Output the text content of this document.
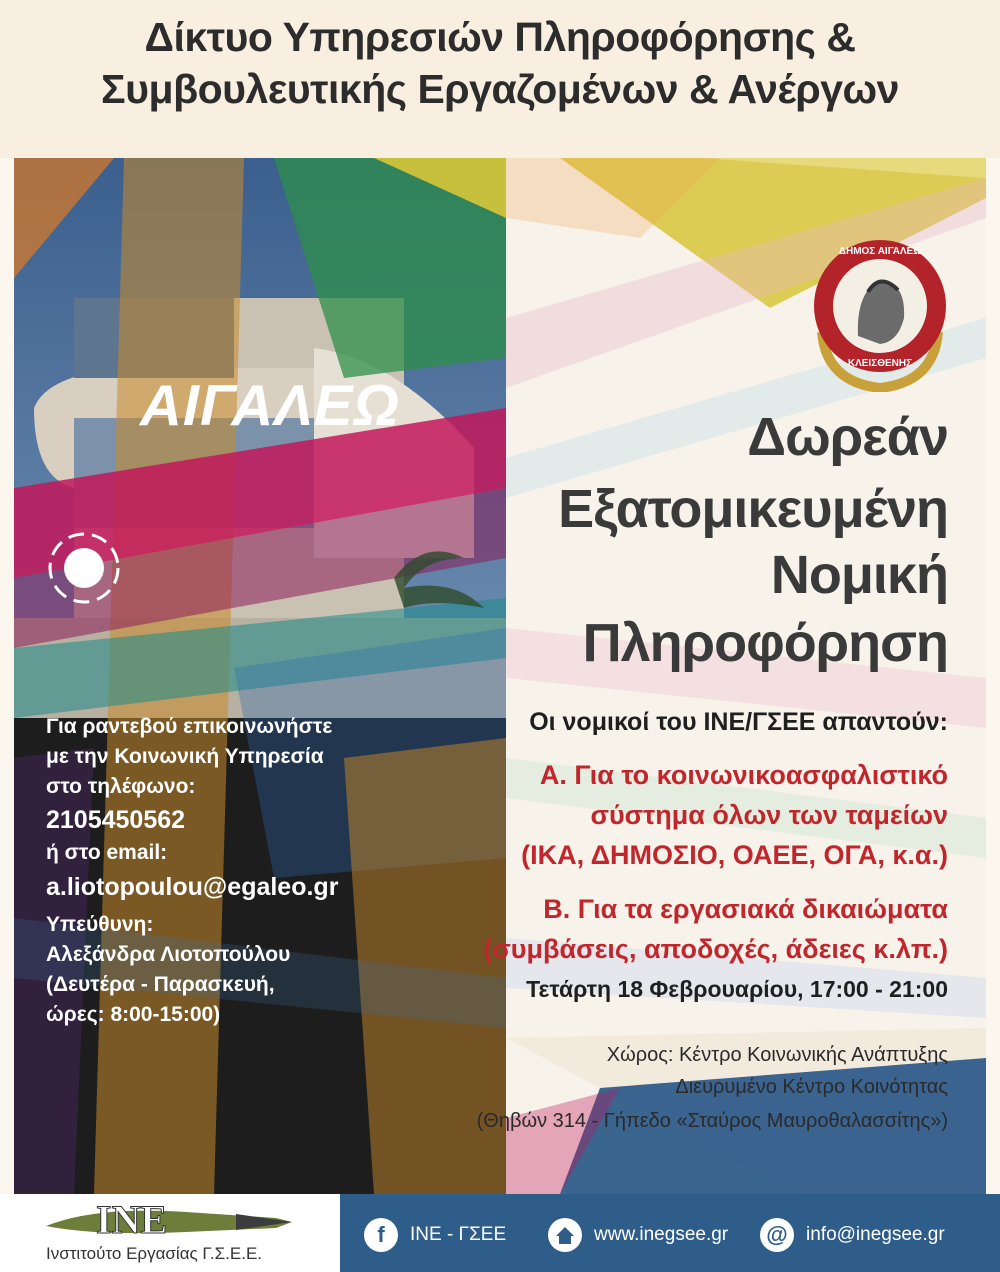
Δίκτυο Υπηρεσιών Πληροφόρησης &
Συμβουλευτικής Εργαζομένων & Ανέργων
ΑΙΓΑΛΕΩ
ΔΗΜΟΣ ΑΙΓΑΛΕΩ
ΚΛΕΙΣΘΕΝΗΣ
Δωρεάν
Εξατομικευμένη
Νομική
Πληροφόρηση
Οι νομικοί του ΙΝΕ/ΓΣΕΕ απαντούν:
Α. Για το κοινωνικοασφαλιστικό
σύστημα όλων των ταμείων
(ΙΚΑ, ΔΗΜΟΣΙΟ, ΟΑΕΕ, ΟΓΑ, κ.α.)
Β. Για τα εργασιακά δικαιώματα
(συμβάσεις, αποδοχές, άδειες κ.λπ.)
Τετάρτη 18 Φεβρουαρίου, 17:00 - 21:00
Χώρος: Κέντρο Κοινωνικής Ανάπτυξης
Διευρυμένο Κέντρο Κοινότητας
(Θηβών 314 - Γήπεδο «Σταύρος Μαυροθαλασσίτης»)
Για ραντεβού επικοινωνήστε
με την Κοινωνική Υπηρεσία
στο τηλέφωνο:
2105450562
ή στο email:
a.liotopoulou@egaleo.gr
Υπεύθυνη:
Αλεξάνδρα Λιοτοπούλου
(Δευτέρα - Παρασκευή,
ώρες: 8:00-15:00)
INE
Ινστιτούτο Εργασίας Γ.Σ.Ε.Ε.
f	ΙΝΕ - ΓΣΕΕ	www.inegsee.gr @ info@inegsee.gr
